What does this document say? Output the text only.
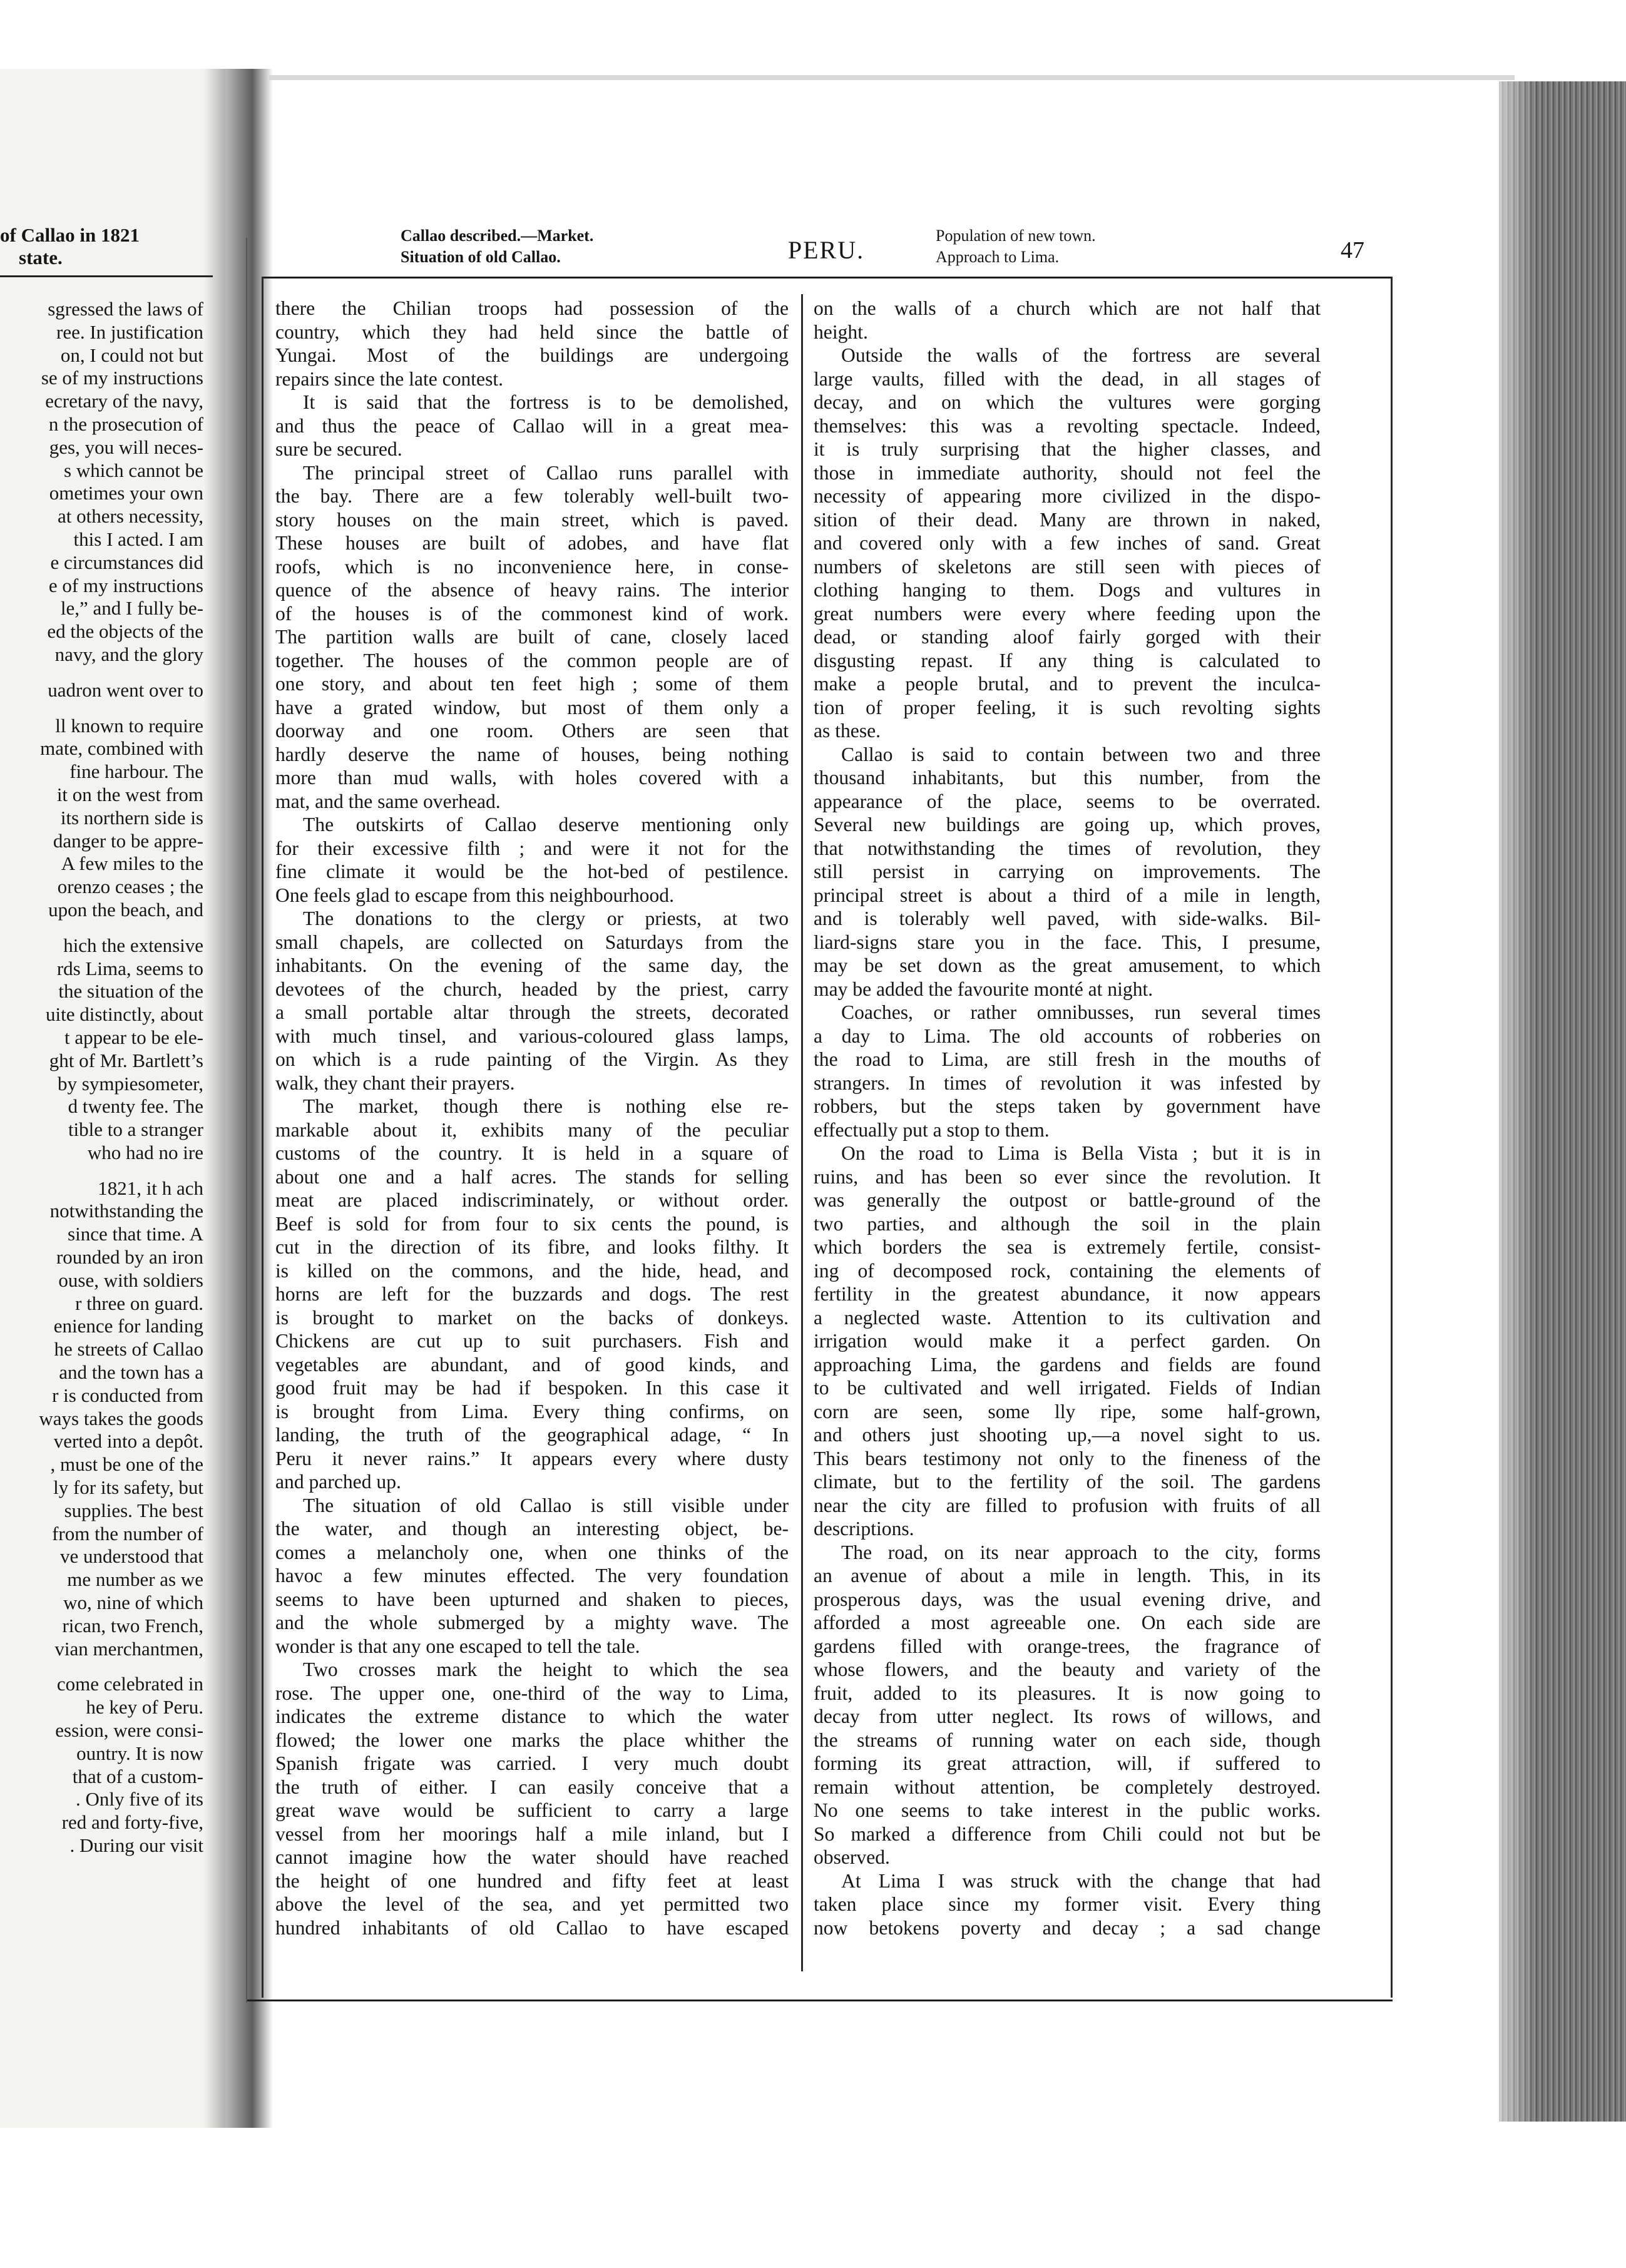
of Callao in 1821
state.
sgressed the laws of
ree. In justification
on, I could not but
se of my instructions
ecretary of the navy,
n the prosecution of
ges, you will neces-
s which cannot be
ometimes your own
at others necessity,
this I acted. I am
e circumstances did
e of my instructions
le,” and I fully be-
ed the objects of the
navy, and the glory
uadron went over to
ll known to require
mate, combined with
fine harbour. The
it on the west from
its northern side is
danger to be appre-
A few miles to the
orenzo ceases ; the
upon the beach, and
hich the extensive
rds Lima, seems to
the situation of the
uite distinctly, about
t appear to be ele-
ght of Mr. Bartlett’s
by sympiesometer,
d twenty fee. The
tible to a stranger
who had no ire
1821, it h ach
notwithstanding the
since that time. A
rounded by an iron
ouse, with soldiers
r three on guard.
enience for landing
he streets of Callao
and the town has a
r is conducted from
ways takes the goods
verted into a depôt.
, must be one of the
ly for its safety, but
supplies. The best
from the number of
ve understood that
me number as we
wo, nine of which
rican, two French,
vian merchantmen,
come celebrated in
he key of Peru.
ession, were consi-
ountry. It is now
that of a custom-
. Only five of its
red and forty-five,
. During our visit
Callao described.—Market.
Situation of old Callao.	PERU.
Population of new town.
Approach to Lima.	47
there the Chilian troops had possession of the
country, which they had held since the battle of
Yungai. Most of the buildings are undergoing
repairs since the late contest.
It is said that the fortress is to be demolished,
and thus the peace of Callao will in a great mea-
sure be secured.
The principal street of Callao runs parallel with
the bay. There are a few tolerably well-built two-
story houses on the main street, which is paved.
These houses are built of adobes, and have flat
roofs, which is no inconvenience here, in conse-
quence of the absence of heavy rains. The interior
of the houses is of the commonest kind of work.
The partition walls are built of cane, closely laced
together. The houses of the common people are of
one story, and about ten feet high ; some of them
have a grated window, but most of them only a
doorway and one room. Others are seen that
hardly deserve the name of houses, being nothing
more than mud walls, with holes covered with a
mat, and the same overhead.
The outskirts of Callao deserve mentioning only
for their excessive filth ; and were it not for the
fine climate it would be the hot-bed of pestilence.
One feels glad to escape from this neighbourhood.
The donations to the clergy or priests, at two
small chapels, are collected on Saturdays from the
inhabitants. On the evening of the same day, the
devotees of the church, headed by the priest, carry
a small portable altar through the streets, decorated
with much tinsel, and various-coloured glass lamps,
on which is a rude painting of the Virgin. As they
walk, they chant their prayers.
The market, though there is nothing else re-
markable about it, exhibits many of the peculiar
customs of the country. It is held in a square of
about one and a half acres. The stands for selling
meat are placed indiscriminately, or without order.
Beef is sold for from four to six cents the pound, is
cut in the direction of its fibre, and looks filthy. It
is killed on the commons, and the hide, head, and
horns are left for the buzzards and dogs. The rest
is brought to market on the backs of donkeys.
Chickens are cut up to suit purchasers. Fish and
vegetables are abundant, and of good kinds, and
good fruit may be had if bespoken. In this case it
is brought from Lima. Every thing confirms, on
landing, the truth of the geographical adage, “ In
Peru it never rains.” It appears every where dusty
and parched up.
The situation of old Callao is still visible under
the water, and though an interesting object, be-
comes a melancholy one, when one thinks of the
havoc a few minutes effected. The very foundation
seems to have been upturned and shaken to pieces,
and the whole submerged by a mighty wave. The
wonder is that any one escaped to tell the tale.
Two crosses mark the height to which the sea
rose. The upper one, one-third of the way to Lima,
indicates the extreme distance to which the water
flowed; the lower one marks the place whither the
Spanish frigate was carried. I very much doubt
the truth of either. I can easily conceive that a
great wave would be sufficient to carry a large
vessel from her moorings half a mile inland, but I
cannot imagine how the water should have reached
the height of one hundred and fifty feet at least
above the level of the sea, and yet permitted two
hundred inhabitants of old Callao to have escaped
on the walls of a church which are not half that
height.
Outside the walls of the fortress are several
large vaults, filled with the dead, in all stages of
decay, and on which the vultures were gorging
themselves: this was a revolting spectacle. Indeed,
it is truly surprising that the higher classes, and
those in immediate authority, should not feel the
necessity of appearing more civilized in the dispo-
sition of their dead. Many are thrown in naked,
and covered only with a few inches of sand. Great
numbers of skeletons are still seen with pieces of
clothing hanging to them. Dogs and vultures in
great numbers were every where feeding upon the
dead, or standing aloof fairly gorged with their
disgusting repast. If any thing is calculated to
make a people brutal, and to prevent the inculca-
tion of proper feeling, it is such revolting sights
as these.
Callao is said to contain between two and three
thousand inhabitants, but this number, from the
appearance of the place, seems to be overrated.
Several new buildings are going up, which proves,
that notwithstanding the times of revolution, they
still persist in carrying on improvements. The
principal street is about a third of a mile in length,
and is tolerably well paved, with side-walks. Bil-
liard-signs stare you in the face. This, I presume,
may be set down as the great amusement, to which
may be added the favourite monté at night.
Coaches, or rather omnibusses, run several times
a day to Lima. The old accounts of robberies on
the road to Lima, are still fresh in the mouths of
strangers. In times of revolution it was infested by
robbers, but the steps taken by government have
effectually put a stop to them.
On the road to Lima is Bella Vista ; but it is in
ruins, and has been so ever since the revolution. It
was generally the outpost or battle-ground of the
two parties, and although the soil in the plain
which borders the sea is extremely fertile, consist-
ing of decomposed rock, containing the elements of
fertility in the greatest abundance, it now appears
a neglected waste. Attention to its cultivation and
irrigation would make it a perfect garden. On
approaching Lima, the gardens and fields are found
to be cultivated and well irrigated. Fields of Indian
corn are seen, some lly ripe, some half-grown,
and others just shooting up,—a novel sight to us.
This bears testimony not only to the fineness of the
climate, but to the fertility of the soil. The gardens
near the city are filled to profusion with fruits of all
descriptions.
The road, on its near approach to the city, forms
an avenue of about a mile in length. This, in its
prosperous days, was the usual evening drive, and
afforded a most agreeable one. On each side are
gardens filled with orange-trees, the fragrance of
whose flowers, and the beauty and variety of the
fruit, added to its pleasures. It is now going to
decay from utter neglect. Its rows of willows, and
the streams of running water on each side, though
forming its great attraction, will, if suffered to
remain without attention, be completely destroyed.
No one seems to take interest in the public works.
So marked a difference from Chili could not but be
observed.
At Lima I was struck with the change that had
taken place since my former visit. Every thing
now betokens poverty and decay ; a sad change
